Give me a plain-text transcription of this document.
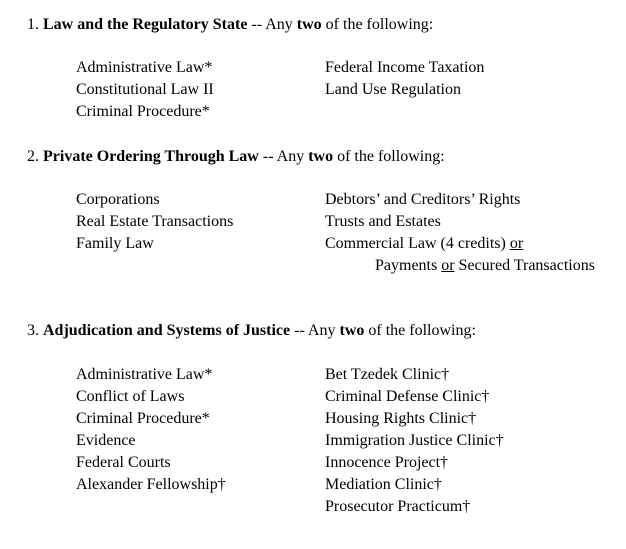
1. Law and the Regulatory State -- Any two of the following:
Administrative Law*
Constitutional Law II
Criminal Procedure*
Federal Income Taxation
Land Use Regulation
2. Private Ordering Through Law -- Any two of the following:
Corporations
Real Estate Transactions
Family Law
Debtors’ and Creditors’ Rights
Trusts and Estates
Commercial Law (4 credits) or
Payments or Secured Transactions
3. Adjudication and Systems of Justice -- Any two of the following:
Administrative Law*
Conflict of Laws
Criminal Procedure*
Evidence
Federal Courts
Alexander Fellowship†
Bet Tzedek Clinic†
Criminal Defense Clinic†
Housing Rights Clinic†
Immigration Justice Clinic†
Innocence Project†
Mediation Clinic†
Prosecutor Practicum†
